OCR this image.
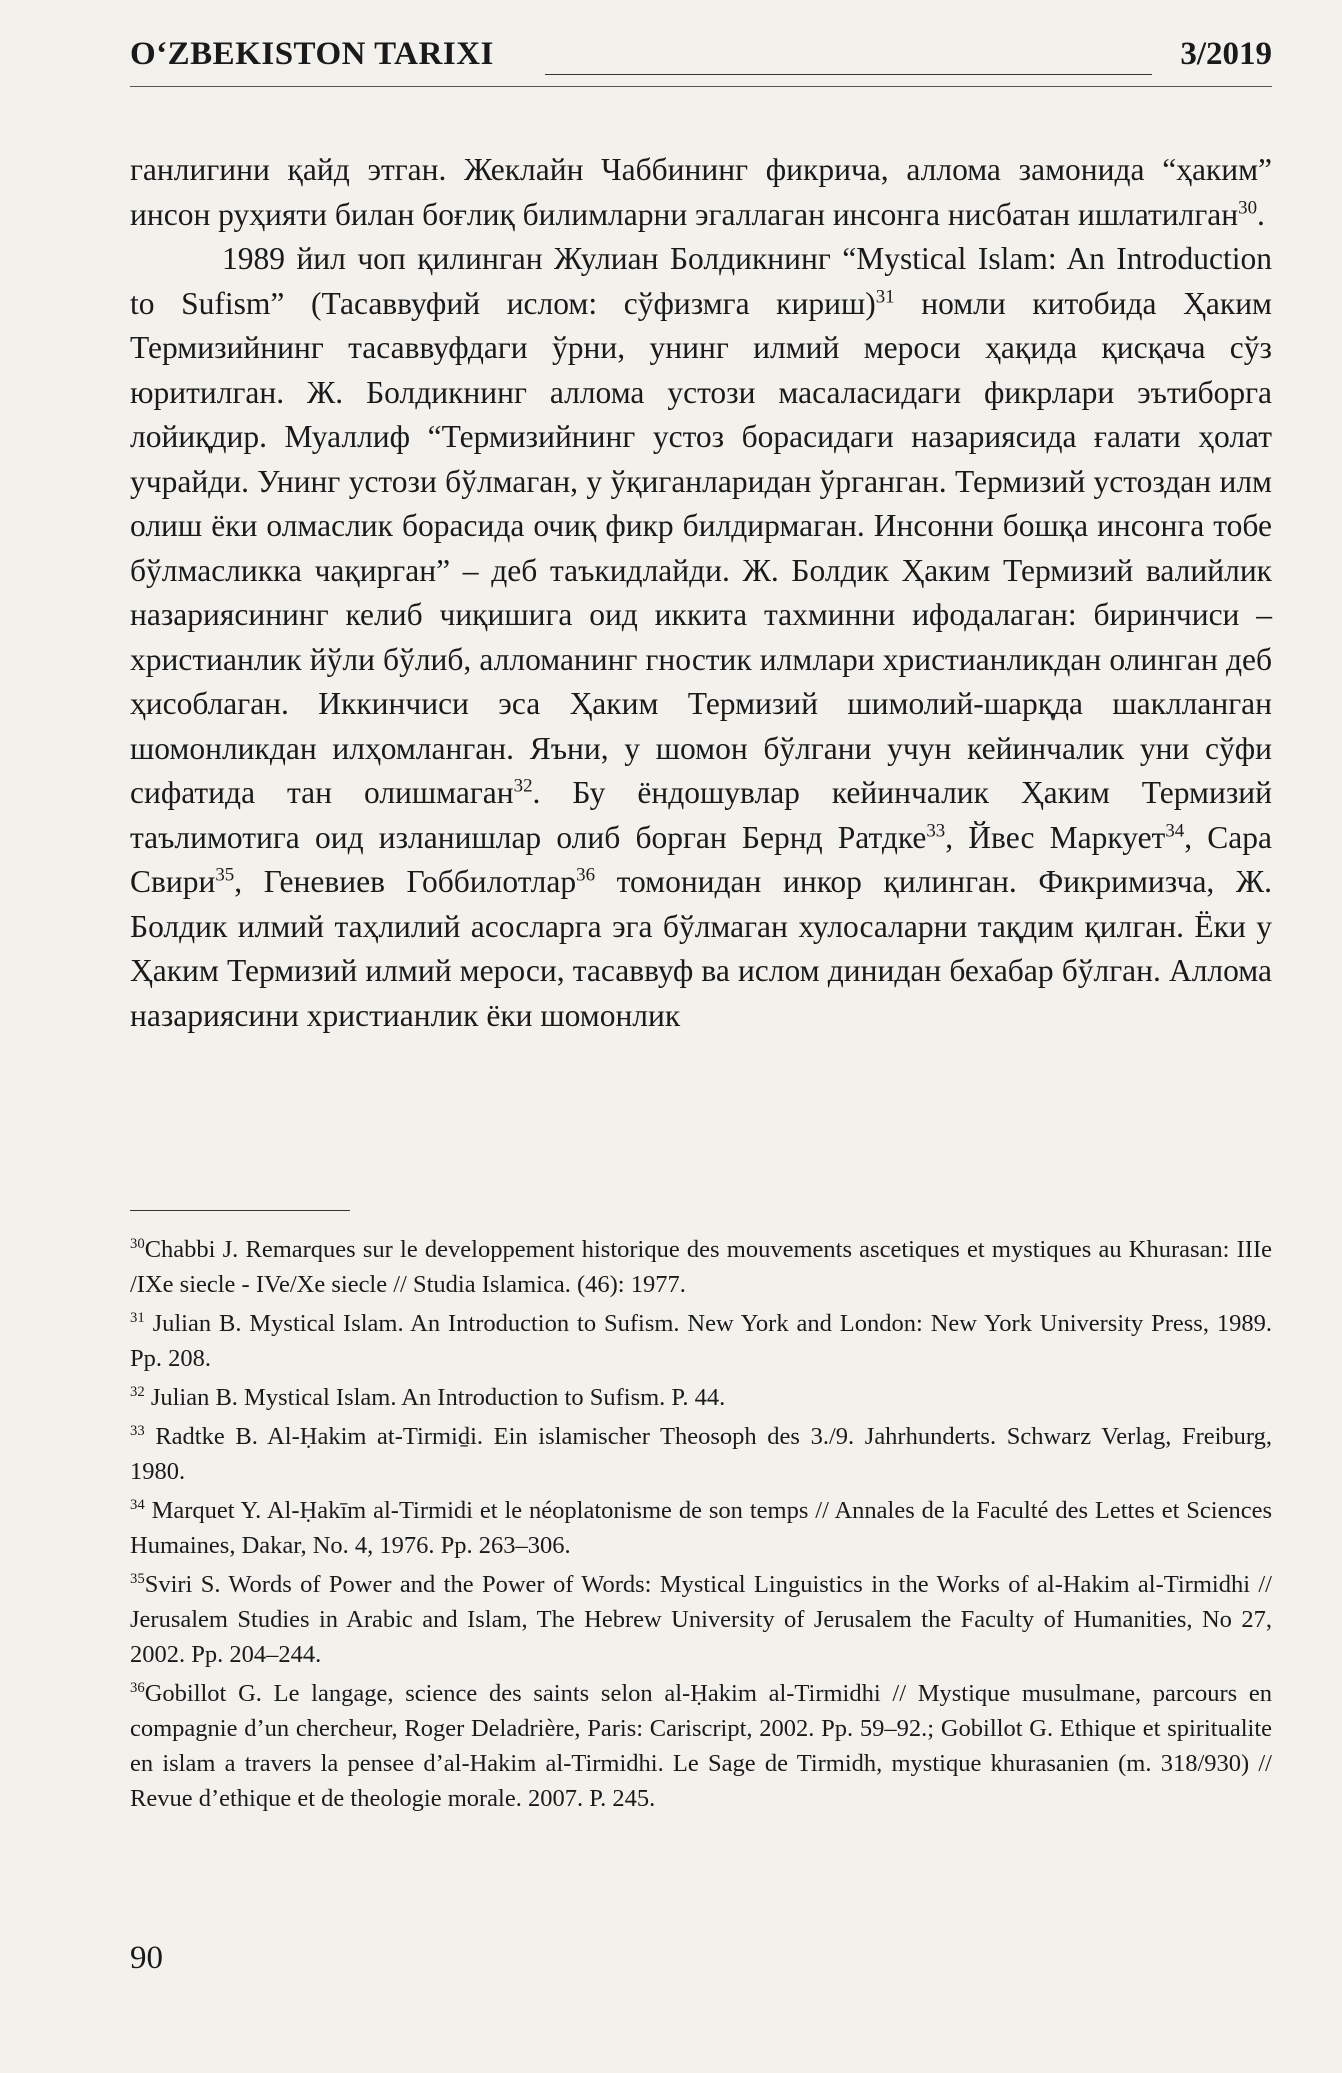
O‘ZBEKISTON TARIXI	3/2019

ганлигини қайд этган. Жеклайн Чаббининг фикрича, аллома замонида “ҳаким” инсон руҳияти билан боғлиқ билимларни эгаллаган инсонга нисбатан ишлатилган$^{30}$.

1989 йил чоп қилинган Жулиан Болдикнинг “Mystical Islam: An Introduction to Sufism” (Тасаввуфий ислом: сўфизмга кириш)$^{31}$ номли китобида Ҳаким Термизийнинг тасаввуфдаги ўрни, унинг илмий мероси ҳақида қисқача сўз юритилган. Ж. Болдикнинг аллома устози масаласидаги фикрлари эътиборга лойиқдир. Муаллиф “Термизийнинг устоз борасидаги назариясида ғалати ҳолат учрайди. Унинг устози бўлмаган, у ўқиганларидан ўрганган. Термизий устоздан илм олиш ёки олмаслик борасида очиқ фикр билдирмаган. Инсонни бошқа инсонга тобе бўлмасликка чақирган” – деб таъкидлайди. Ж. Болдик Ҳаким Термизий валийлик назариясининг келиб чиқишига оид иккита тахминни ифодалаган: биринчиси – христианлик йўли бўлиб, алломанинг гностик илмлари христианликдан олинган деб ҳисоблаган. Иккинчиси эса Ҳаким Термизий шимолий-шарқда шаклланган шомонликдан илҳомланган. Яъни, у шомон бўлгани учун кейинчалик уни сўфи сифатида тан олишмаган$^{32}$. Бу ёндошувлар кейинчалик Ҳаким Термизий таълимотига оид изланишлар олиб борган Бернд Ратдке$^{33}$, Йвес Маркует$^{34}$, Сара Свири$^{35}$, Геневиев Гоббилотлар$^{36}$ томонидан инкор қилинган. Фикримизча, Ж. Болдик илмий таҳлилий асосларга эга бўлмаган хулосаларни тақдим қилган. Ёки у Ҳаким Термизий илмий мероси, тасаввуф ва ислом динидан бехабар бўлган. Аллома назариясини христианлик ёки шомонлик

$^{30}$Chabbi J. Remarques sur le developpement historique des mouvements ascetiques et mystiques au Khurasan: IIIe /IXe siecle - IVe/Xe siecle // Studia Islamica. (46): 1977.

$^{31}$ Julian B. Mystical Islam. An Introduction to Sufism. New York and London: New York University Press, 1989. Pp. 208.

$^{32}$ Julian B. Mystical Islam. An Introduction to Sufism. P. 44.

$^{33}$ Radtke B. Al-Ḥakim at-Tirmiḏi. Ein islamischer Theosoph des 3./9. Jahrhunderts. Schwarz Verlag, Freiburg, 1980.

$^{34}$ Marquet Y. Al-Ḥakīm al-Tirmidi et le néoplatonisme de son temps // Annales de la Faculté des Lettes et Sciences Humaines, Dakar, No. 4, 1976. Pp. 263–306.

$^{35}$Sviri S. Words of Power and the Power of Words: Mystical Linguistics in the Works of al-Hakim al-Tirmidhi // Jerusalem Studies in Arabic and Islam, The Hebrew University of Jerusalem the Faculty of Humanities, No 27, 2002. Pp. 204–244.

$^{36}$Gobillot G. Le langage, science des saints selon al-Ḥakim al-Tirmidhi // Mystique musulmane, parcours en compagnie d’un chercheur, Roger Deladrière, Paris: Cariscript, 2002. Pp. 59–92.; Gobillot G. Ethique et spiritualite en islam a travers la pensee d’al-Hakim al-Tirmidhi. Le Sage de Tirmidh, mystique khurasanien (m. 318/930) // Revue d’ethique et de theologie morale. 2007. P. 245.

90
